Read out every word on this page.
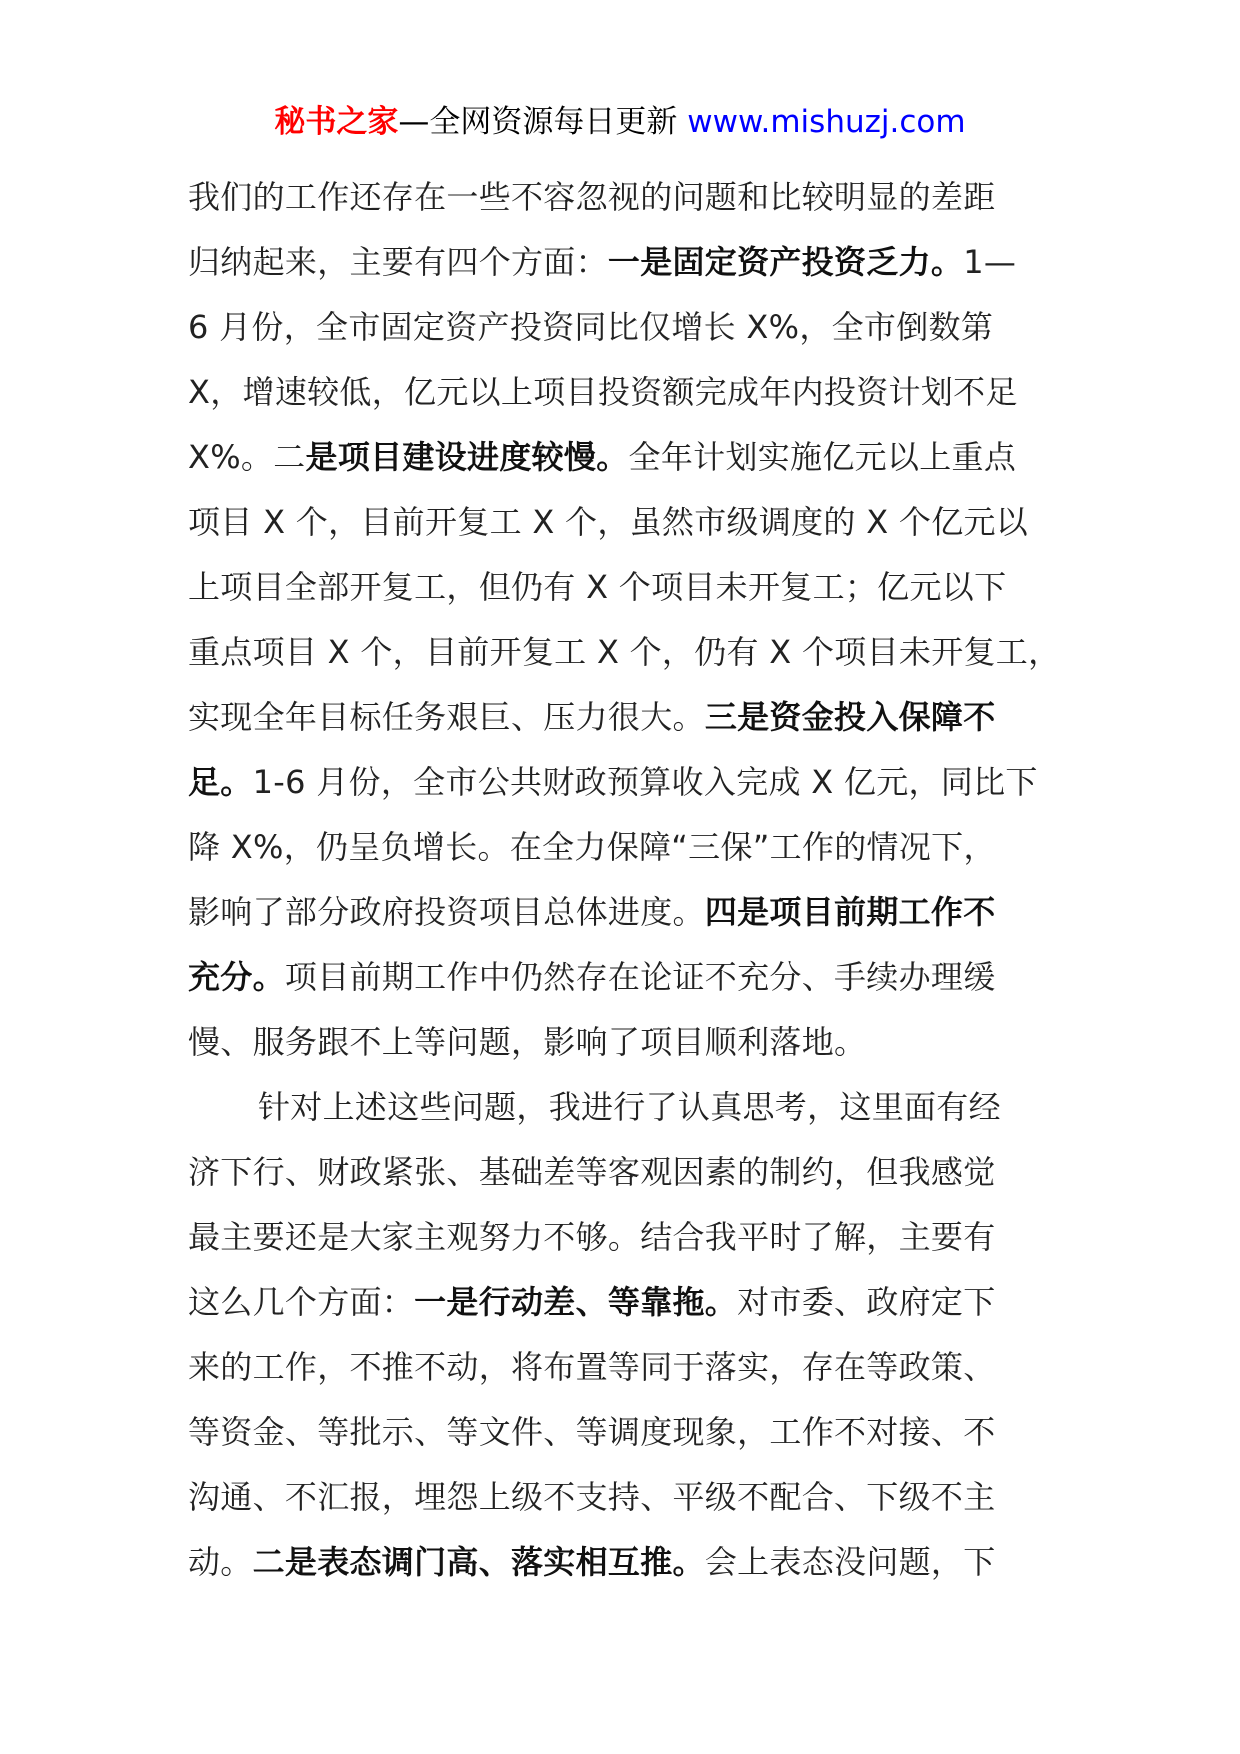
秘书之家—全网资源每日更新 www.mishuzj.com
我们的工作还存在一些不容忽视的问题和比较明显的差距
归纳起来，主要有四个方面：一是固定资产投资乏力。1—
6 月份，全市固定资产投资同比仅增长 X%，全市倒数第
X，增速较低，亿元以上项目投资额完成年内投资计划不足
X%。二是项目建设进度较慢。全年计划实施亿元以上重点
项目 X 个，目前开复工 X 个，虽然市级调度的 X 个亿元以
上项目全部开复工，但仍有 X 个项目未开复工；亿元以下
重点项目 X 个，目前开复工 X 个，仍有 X 个项目未开复工，
实现全年目标任务艰巨、压力很大。三是资金投入保障不
足。1-6 月份，全市公共财政预算收入完成 X 亿元，同比下
降 X%，仍呈负增长。在全力保障“三保”工作的情况下，
影响了部分政府投资项目总体进度。四是项目前期工作不
充分。项目前期工作中仍然存在论证不充分、手续办理缓
慢、服务跟不上等问题，影响了项目顺利落地。
针对上述这些问题，我进行了认真思考，这里面有经
济下行、财政紧张、基础差等客观因素的制约，但我感觉
最主要还是大家主观努力不够。结合我平时了解，主要有
这么几个方面：一是行动差、等靠拖。对市委、政府定下
来的工作，不推不动，将布置等同于落实，存在等政策、
等资金、等批示、等文件、等调度现象，工作不对接、不
沟通、不汇报，埋怨上级不支持、平级不配合、下级不主
动。二是表态调门高、落实相互推。会上表态没问题，下
